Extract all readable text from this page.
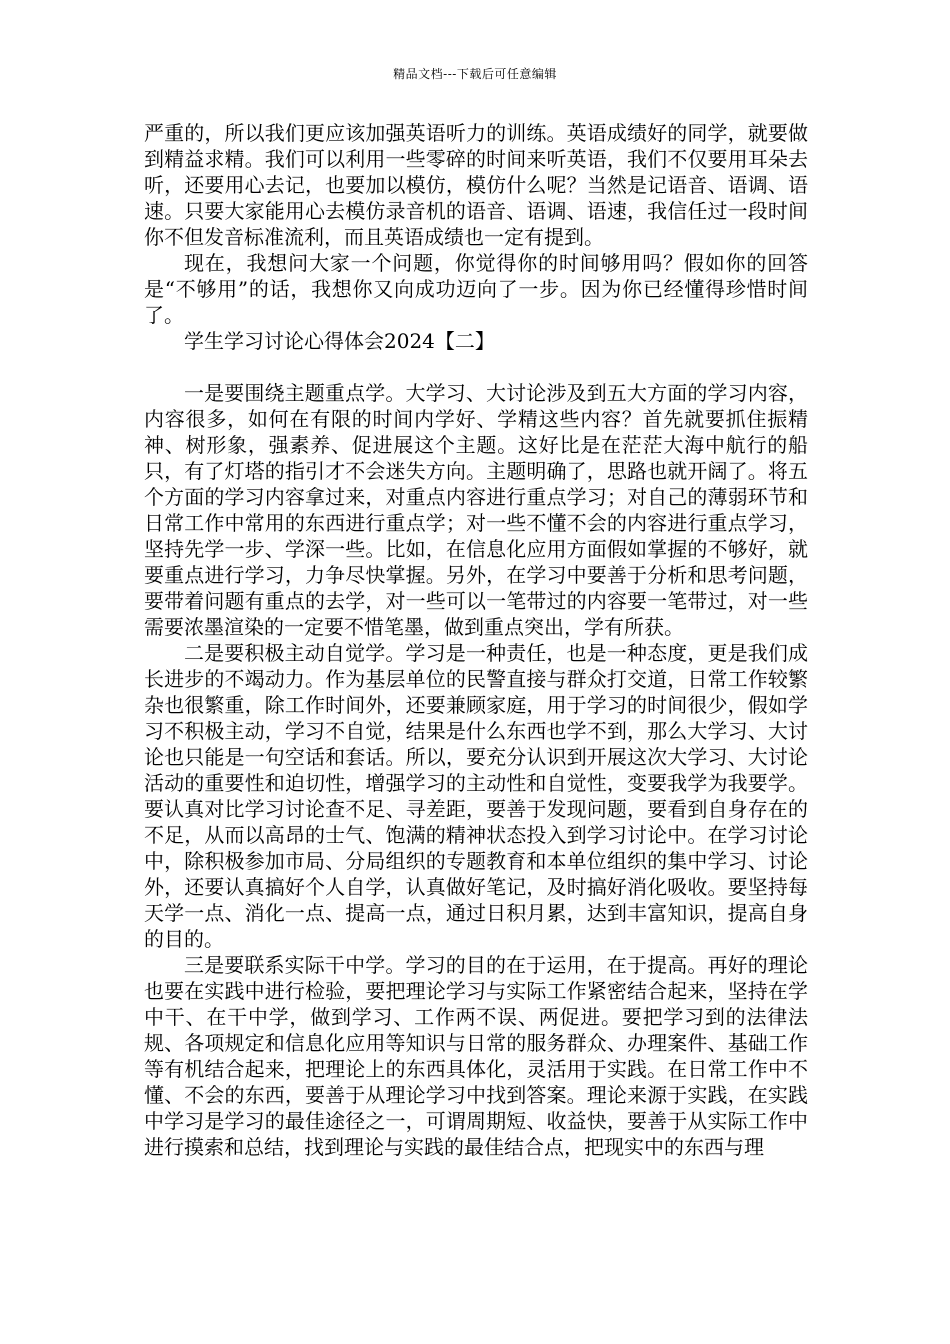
精品文档---下载后可任意编辑

严重的，所以我们更应该加强英语听力的训练。英语成绩好的同学，就要做到精益求精。我们可以利用一些零碎的时间来听英语，我们不仅要用耳朵去听，还要用心去记，也要加以模仿，模仿什么呢？当然是记语音、语调、语速。只要大家能用心去模仿录音机的语音、语调、语速，我信任过一段时间你不但发音标准流利，而且英语成绩也一定有提到。

现在，我想问大家一个问题，你觉得你的时间够用吗？假如你的回答是“不够用”的话，我想你又向成功迈向了一步。因为你已经懂得珍惜时间了。

学生学习讨论心得体会2024【二】

一是要围绕主题重点学。大学习、大讨论涉及到五大方面的学习内容，内容很多，如何在有限的时间内学好、学精这些内容？首先就要抓住振精神、树形象，强素养、促进展这个主题。这好比是在茫茫大海中航行的船只，有了灯塔的指引才不会迷失方向。主题明确了，思路也就开阔了。将五个方面的学习内容拿过来，对重点内容进行重点学习；对自己的薄弱环节和日常工作中常用的东西进行重点学；对一些不懂不会的内容进行重点学习，坚持先学一步、学深一些。比如，在信息化应用方面假如掌握的不够好，就要重点进行学习，力争尽快掌握。另外，在学习中要善于分析和思考问题，要带着问题有重点的去学，对一些可以一笔带过的内容要一笔带过，对一些需要浓墨渲染的一定要不惜笔墨，做到重点突出，学有所获。

二是要积极主动自觉学。学习是一种责任，也是一种态度，更是我们成长进步的不竭动力。作为基层单位的民警直接与群众打交道，日常工作较繁杂也很繁重，除工作时间外，还要兼顾家庭，用于学习的时间很少，假如学习不积极主动，学习不自觉，结果是什么东西也学不到，那么大学习、大讨论也只能是一句空话和套话。所以，要充分认识到开展这次大学习、大讨论活动的重要性和迫切性，增强学习的主动性和自觉性，变要我学为我要学。要认真对比学习讨论查不足、寻差距，要善于发现问题，要看到自身存在的不足，从而以高昂的士气、饱满的精神状态投入到学习讨论中。在学习讨论中，除积极参加市局、分局组织的专题教育和本单位组织的集中学习、讨论外，还要认真搞好个人自学，认真做好笔记，及时搞好消化吸收。要坚持每天学一点、消化一点、提高一点，通过日积月累，达到丰富知识，提高自身的目的。

三是要联系实际干中学。学习的目的在于运用，在于提高。再好的理论也要在实践中进行检验，要把理论学习与实际工作紧密结合起来，坚持在学中干、在干中学，做到学习、工作两不误、两促进。要把学习到的法律法规、各项规定和信息化应用等知识与日常的服务群众、办理案件、基础工作等有机结合起来，把理论上的东西具体化，灵活用于实践。在日常工作中不懂、不会的东西，要善于从理论学习中找到答案。理论来源于实践，在实践中学习是学习的最佳途径之一，可谓周期短、收益快，要善于从实际工作中进行摸索和总结，找到理论与实践的最佳结合点，把现实中的东西与理
